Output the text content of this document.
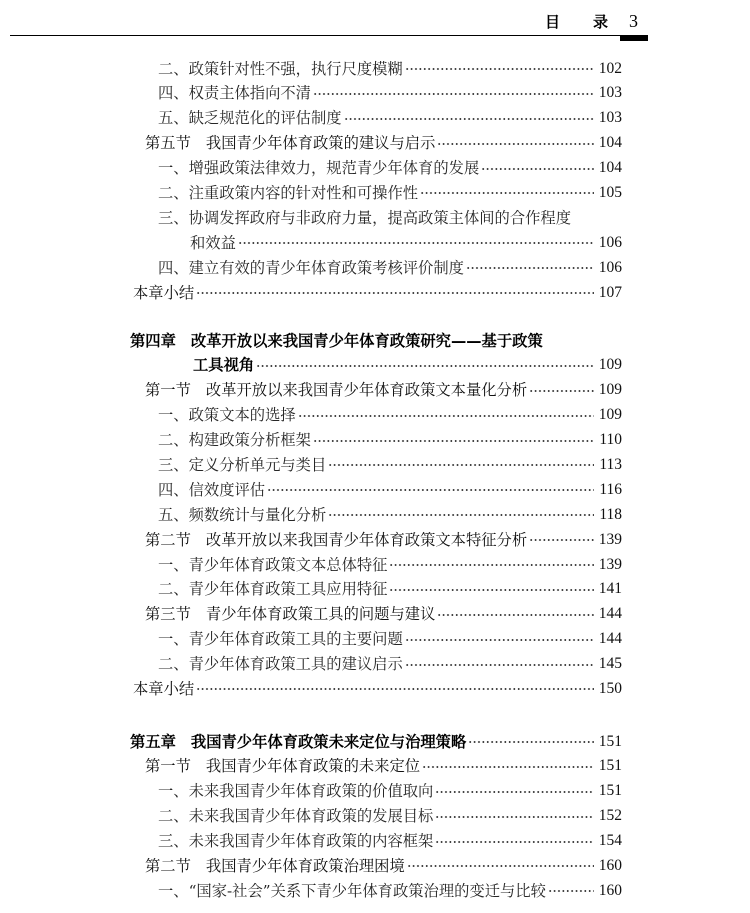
目　录 3
二、政策针对性不强，执行尺度模糊	102
四、权责主体指向不清	103
五、缺乏规范化的评估制度	103
第五节 我国青少年体育政策的建议与启示	104
一、增强政策法律效力，规范青少年体育的发展	104
二、注重政策内容的针对性和可操作性	105
三、协调发挥政府与非政府力量，提高政策主体间的合作程度
和效益	106
四、建立有效的青少年体育政策考核评价制度	106
本章小结	107
第四章 改革开放以来我国青少年体育政策研究——基于政策
工具视角	109
第一节 改革开放以来我国青少年体育政策文本量化分析	109
一、政策文本的选择	109
二、构建政策分析框架	110
三、定义分析单元与类目	113
四、信效度评估	116
五、频数统计与量化分析	118
第二节 改革开放以来我国青少年体育政策文本特征分析	139
一、青少年体育政策文本总体特征	139
二、青少年体育政策工具应用特征	141
第三节 青少年体育政策工具的问题与建议	144
一、青少年体育政策工具的主要问题	144
二、青少年体育政策工具的建议启示	145
本章小结	150
第五章 我国青少年体育政策未来定位与治理策略	151
第一节 我国青少年体育政策的未来定位	151
一、未来我国青少年体育政策的价值取向	151
二、未来我国青少年体育政策的发展目标	152
三、未来我国青少年体育政策的内容框架	154
第二节 我国青少年体育政策治理困境	160
一、“国家-社会”关系下青少年体育政策治理的变迁与比较	160
